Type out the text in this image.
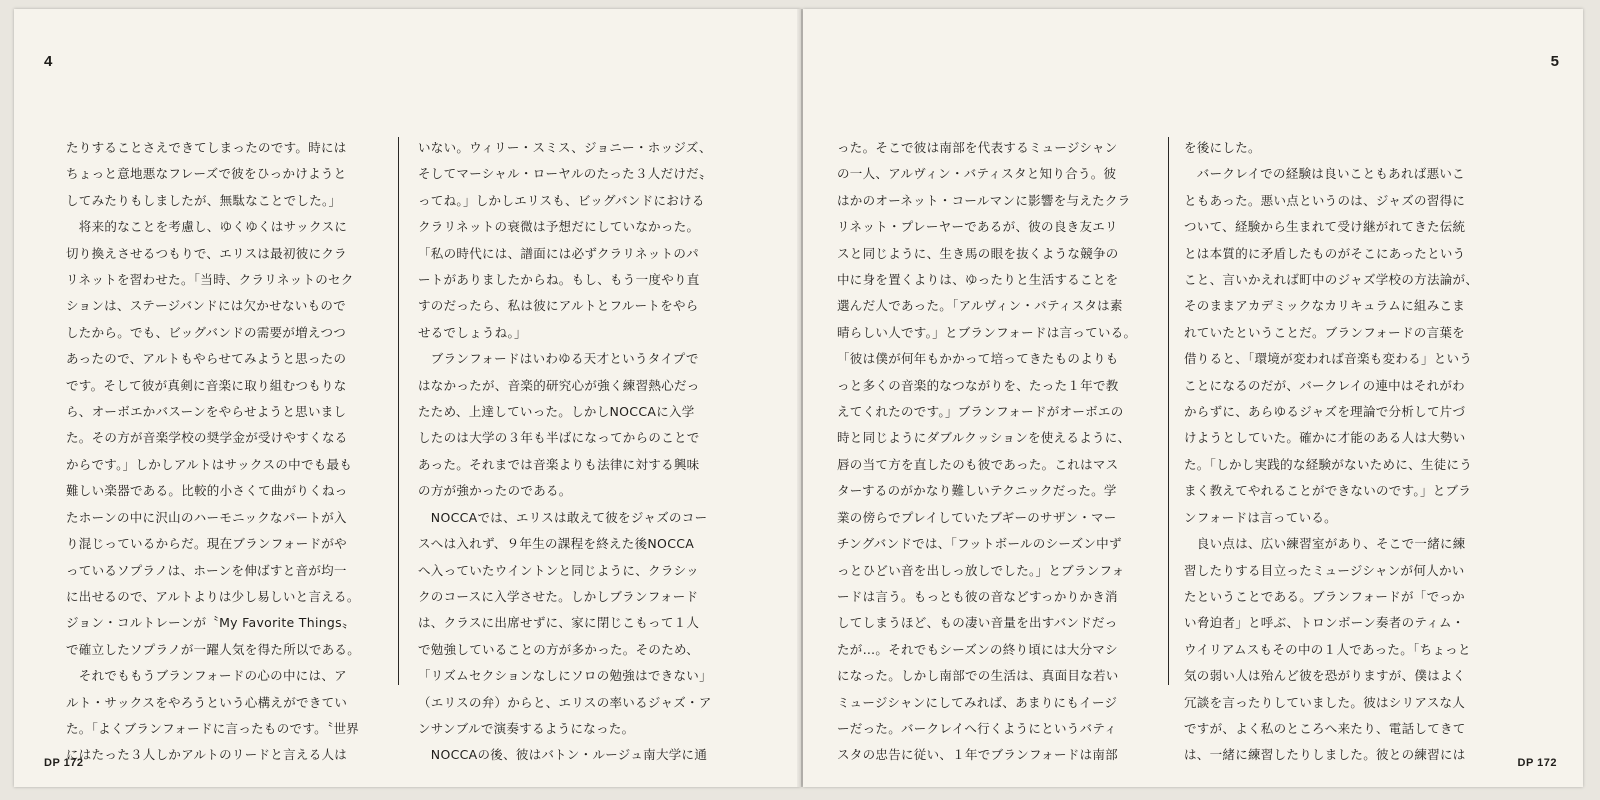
4

たりすることさえできてしまったのです。時には

ちょっと意地悪なフレーズで彼をひっかけようと

してみたりもしましたが、無駄なことでした。」

　将来的なことを考慮し、ゆくゆくはサックスに

切り換えさせるつもりで、エリスは最初彼にクラ

リネットを習わせた。「当時、クラリネットのセク

ションは、ステージバンドには欠かせないもので

したから。でも、ビッグバンドの需要が増えつつ

あったので、アルトもやらせてみようと思ったの

です。そして彼が真剣に音楽に取り組むつもりな

ら、オーボエかバスーンをやらせようと思いまし

た。その方が音楽学校の奨学金が受けやすくなる

からです。」しかしアルトはサックスの中でも最も

難しい楽器である。比較的小さくて曲がりくねっ

たホーンの中に沢山のハーモニックなパートが入

り混じっているからだ。現在ブランフォードがや

っているソプラノは、ホーンを伸ばすと音が均一

に出せるので、アルトよりは少し易しいと言える。

ジョン・コルトレーンが〝My Favorite Things〟

で確立したソプラノが一躍人気を得た所以である。

　それでももうブランフォードの心の中には、ア

ルト・サックスをやろうという心構えができてい

た。「よくブランフォードに言ったものです。〝世界

にはたった３人しかアルトのリードと言える人は

いない。ウィリー・スミス、ジョニー・ホッジズ、

そしてマーシャル・ローヤルのたった３人だけだ〟

ってね。」しかしエリスも、ビッグバンドにおける

クラリネットの衰微は予想だにしていなかった。

「私の時代には、譜面には必ずクラリネットのパ

ートがありましたからね。もし、もう一度やり直

すのだったら、私は彼にアルトとフルートをやら

せるでしょうね。」

　ブランフォードはいわゆる天才というタイプで

はなかったが、音楽的研究心が強く練習熱心だっ

たため、上達していった。しかしNOCCAに入学

したのは大学の３年も半ばになってからのことで

あった。それまでは音楽よりも法律に対する興味

の方が強かったのである。

　NOCCAでは、エリスは敢えて彼をジャズのコー

スへは入れず、９年生の課程を終えた後NOCCA

へ入っていたウイントンと同じように、クラシッ

クのコースに入学させた。しかしブランフォード

は、クラスに出席せずに、家に閉じこもって１人

で勉強していることの方が多かった。そのため、

「リズムセクションなしにソロの勉強はできない」

（エリスの弁）からと、エリスの率いるジャズ・ア

ンサンブルで演奏するようになった。

　NOCCAの後、彼はバトン・ルージュ南大学に通

DP 172
5

った。そこで彼は南部を代表するミュージシャン

の一人、アルヴィン・バティスタと知り合う。彼

はかのオーネット・コールマンに影響を与えたクラ

リネット・プレーヤーであるが、彼の良き友エリ

スと同じように、生き馬の眼を抜くような競争の

中に身を置くよりは、ゆったりと生活することを

選んだ人であった。「アルヴィン・バティスタは素

晴らしい人です。」とブランフォードは言っている。

「彼は僕が何年もかかって培ってきたものよりも

っと多くの音楽的なつながりを、たった１年で教

えてくれたのです。」ブランフォードがオーボエの

時と同じようにダブルクッションを使えるように、

唇の当て方を直したのも彼であった。これはマス

ターするのがかなり難しいテクニックだった。学

業の傍らでプレイしていたブギーのサザン・マー

チングバンドでは、「フットボールのシーズン中ず

っとひどい音を出しっ放しでした。」とブランフォ

ードは言う。もっとも彼の音などすっかりかき消

してしまうほど、もの凄い音量を出すバンドだっ

たが…。それでもシーズンの終り頃には大分マシ

になった。しかし南部での生活は、真面目な若い

ミュージシャンにしてみれば、あまりにもイージ

ーだった。バークレイへ行くようにというバティ

スタの忠告に従い、１年でブランフォードは南部

を後にした。

　バークレイでの経験は良いこともあれば悪いこ

ともあった。悪い点というのは、ジャズの習得に

ついて、経験から生まれて受け継がれてきた伝統

とは本質的に矛盾したものがそこにあったという

こと、言いかえれば町中のジャズ学校の方法論が、

そのままアカデミックなカリキュラムに組みこま

れていたということだ。ブランフォードの言葉を

借りると、「環境が変われば音楽も変わる」という

ことになるのだが、バークレイの連中はそれがわ

からずに、あらゆるジャズを理論で分析して片づ

けようとしていた。確かに才能のある人は大勢い

た。「しかし実践的な経験がないために、生徒にう

まく教えてやれることができないのです。」とブラ

ンフォードは言っている。

　良い点は、広い練習室があり、そこで一緒に練

習したりする目立ったミュージシャンが何人かい

たということである。ブランフォードが「でっか

い脅迫者」と呼ぶ、トロンボーン奏者のティム・

ウイリアムスもその中の１人であった。「ちょっと

気の弱い人は殆んど彼を恐がりますが、僕はよく

冗談を言ったりしていました。彼はシリアスな人

ですが、よく私のところへ来たり、電話してきて

は、一緒に練習したりしました。彼との練習には

DP 172
